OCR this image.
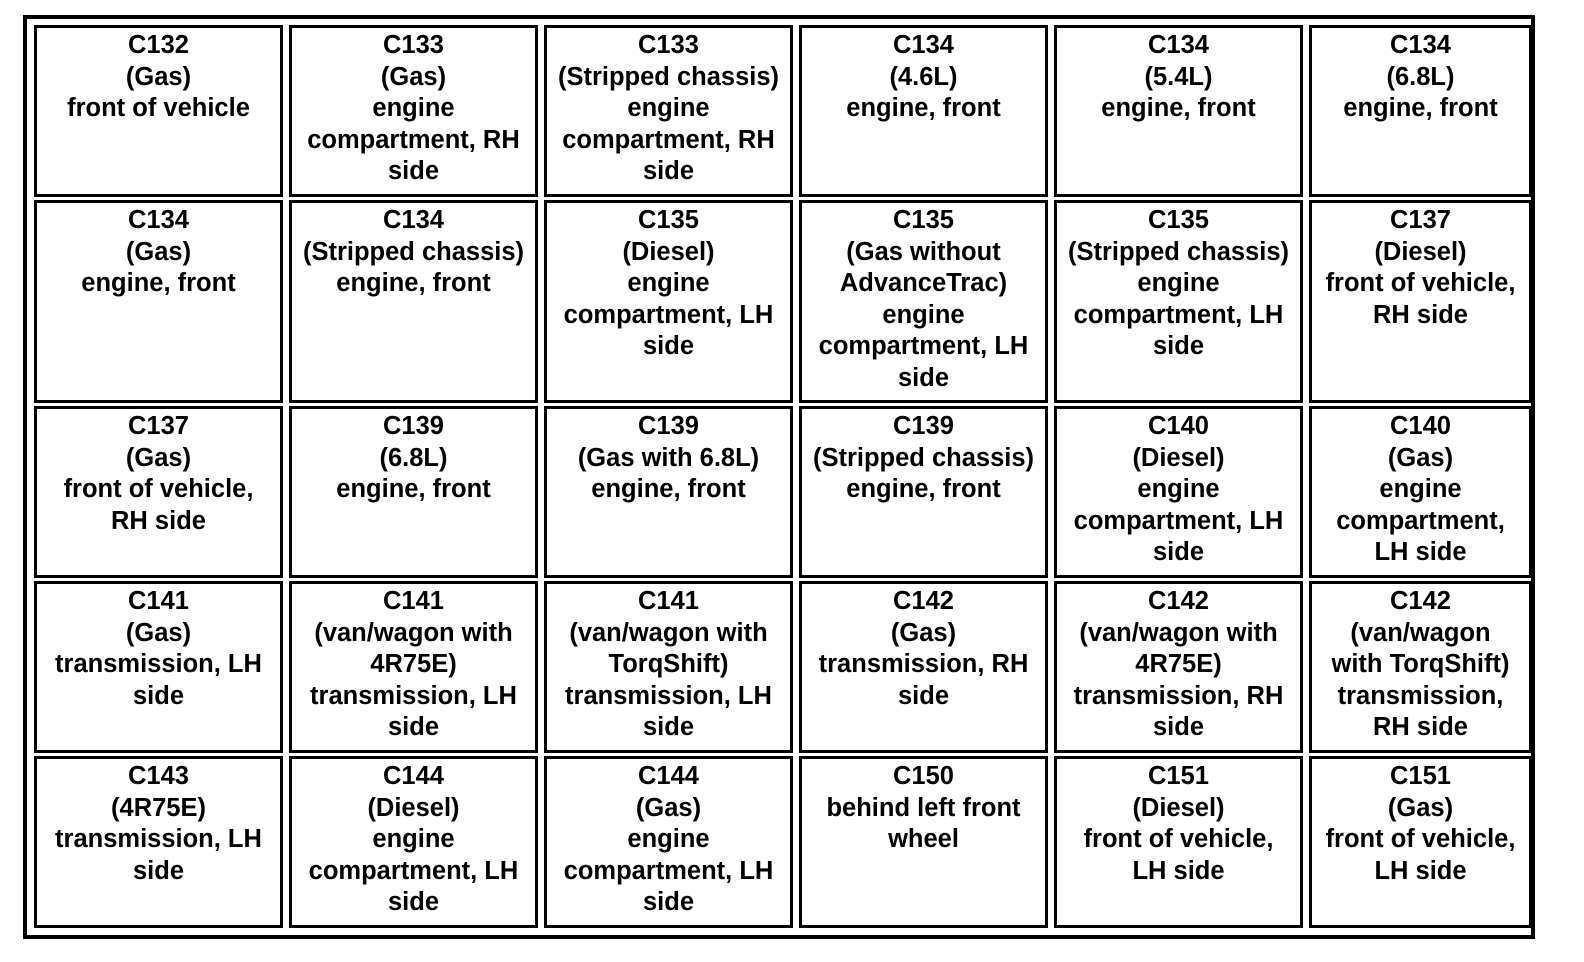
C132
(Gas)
front of vehicle
C133
(Gas)
engine
compartment, RH
side
C133
(Stripped chassis)
engine
compartment, RH
side
C134
(4.6L)
engine, front
C134
(5.4L)
engine, front
C134
(6.8L)
engine, front
C134
(Gas)
engine, front
C134
(Stripped chassis)
engine, front
C135
(Diesel)
engine
compartment, LH
side
C135
(Gas without
AdvanceTrac)
engine
compartment, LH
side
C135
(Stripped chassis)
engine
compartment, LH
side
C137
(Diesel)
front of vehicle,
RH side
C137
(Gas)
front of vehicle,
RH side
C139
(6.8L)
engine, front
C139
(Gas with 6.8L)
engine, front
C139
(Stripped chassis)
engine, front
C140
(Diesel)
engine
compartment, LH
side
C140
(Gas)
engine
compartment,
LH side
C141
(Gas)
transmission, LH
side
C141
(van/wagon with
4R75E)
transmission, LH
side
C141
(van/wagon with
TorqShift)
transmission, LH
side
C142
(Gas)
transmission, RH
side
C142
(van/wagon with
4R75E)
transmission, RH
side
C142
(van/wagon
with TorqShift)
transmission,
RH side
C143
(4R75E)
transmission, LH
side
C144
(Diesel)
engine
compartment, LH
side
C144
(Gas)
engine
compartment, LH
side
C150
behind left front
wheel
C151
(Diesel)
front of vehicle,
LH side
C151
(Gas)
front of vehicle,
LH side
